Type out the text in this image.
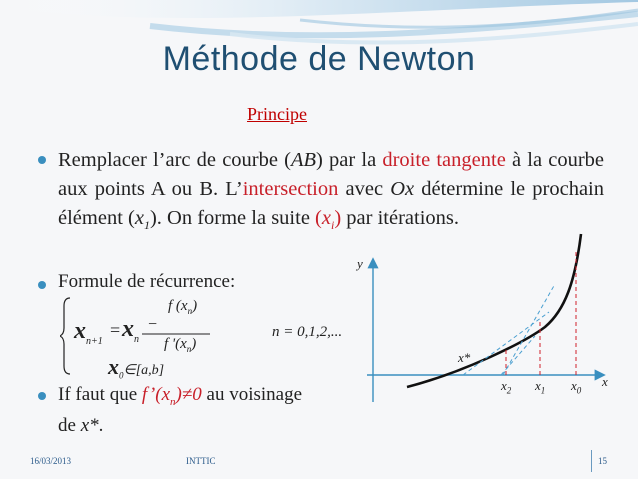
Méthode de Newton
Principe
Remplacer l’arc de courbe (AB) par la droite tangente à la courbe aux points A ou B. L’intersection avec Ox détermine le prochain élément $(x_1)$. On forme la suite $(x_i)$ par itérations.
Formule de récurrence:
$x_{n+1}$
= $x_n$
−
f $(x_n)$
f '$(x_n)$
$x_0\in[a,b]$
n = 0,1,2,...
If faut que $f’(x_n)\ne 0$ au voisinage
de x*.
y
x
x*
$x_2$ $x_1$ $x_0$
16/03/2013	INTTIC	15
